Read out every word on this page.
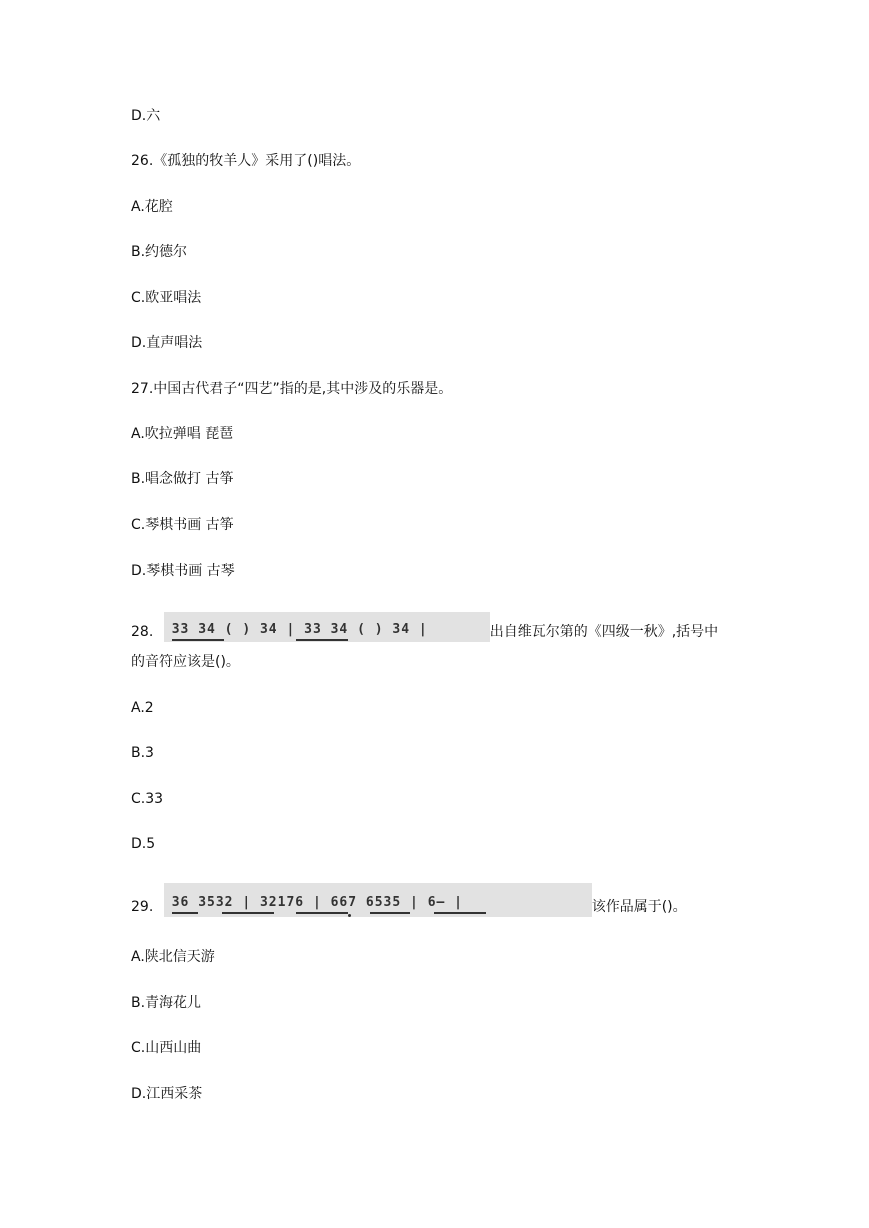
D.六
26.《孤独的牧羊人》采用了()唱法。
A.花腔
B.约德尔
C.欧亚唱法
D.直声唱法
27.中国古代君子“四艺”指的是,其中涉及的乐器是。
A.吹拉弹唱 琵琶
B.唱念做打 古筝
C.琴棋书画 古筝
D.琴棋书画 古琴
28. 33 34 ( ) 34 | 33 34 ( ) 34 |	出自维瓦尔第的《四级一秋》,括号中
的音符应该是()。
A.2
B.3
C.33
D.5
29. 36 3532 | 32176 | 667 6535 | 6— |	该作品属于()。
A.陕北信天游
B.青海花儿
C.山西山曲
D.江西采茶
